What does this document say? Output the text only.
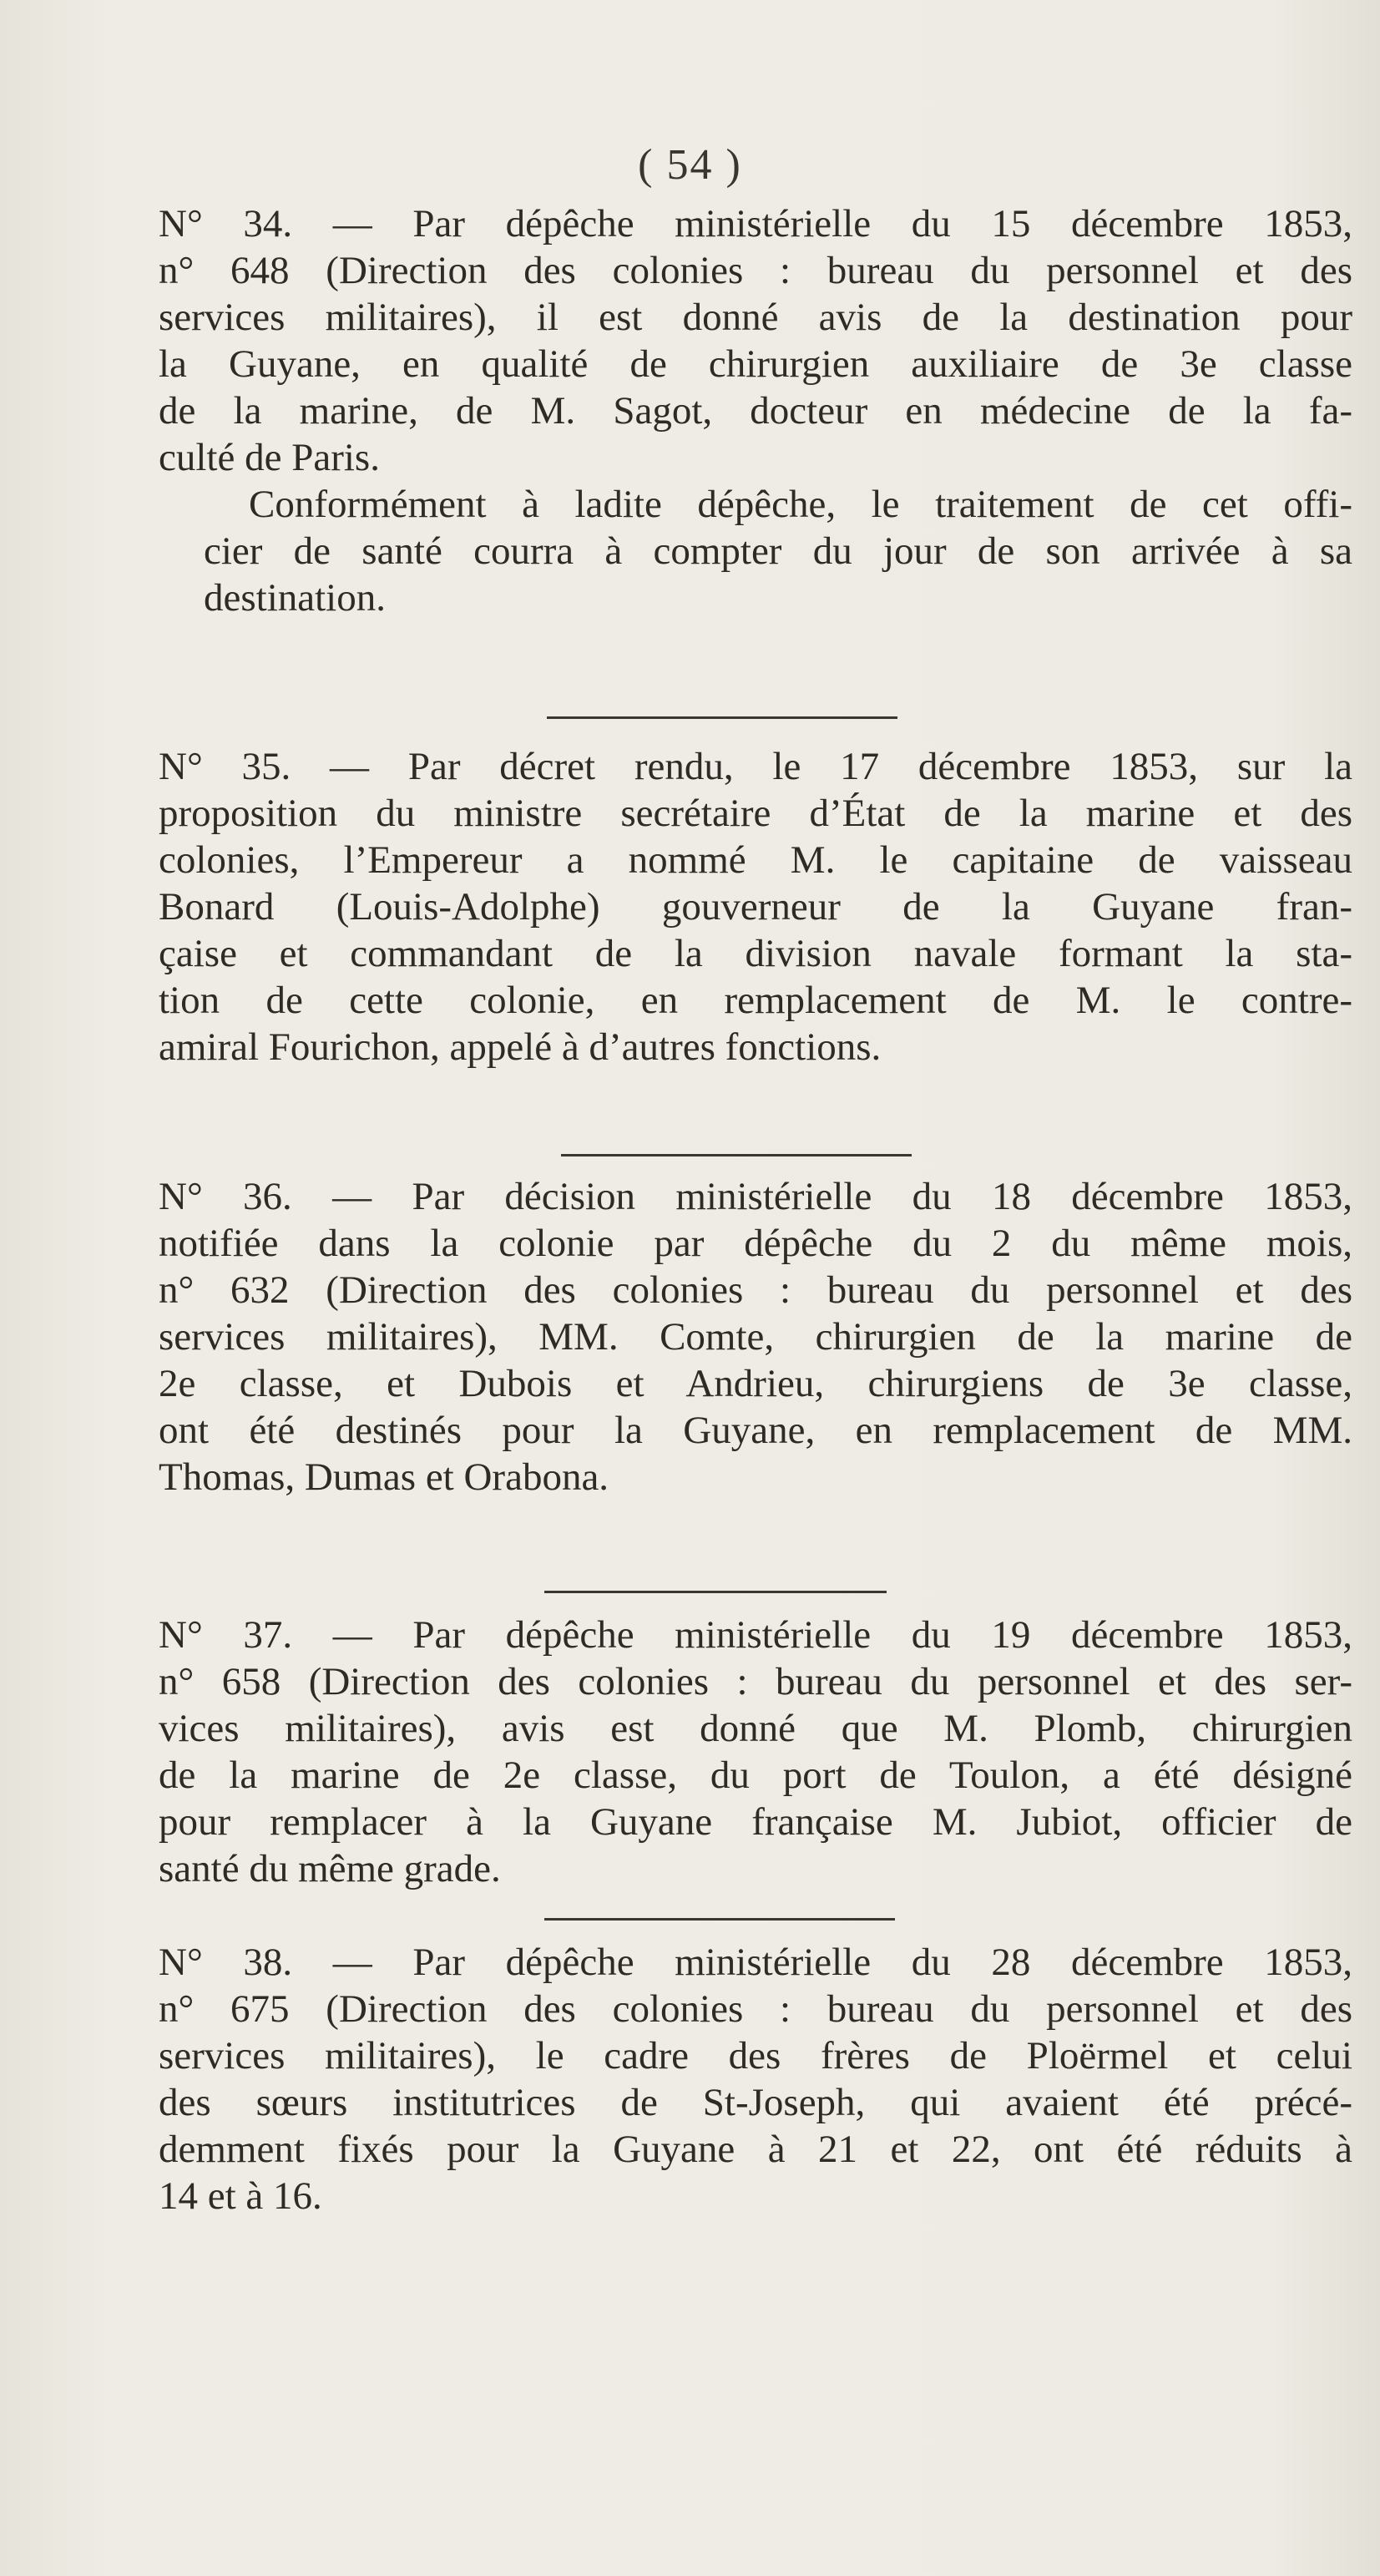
( 54 )

N° 34. — Par dépêche ministérielle du 15 décembre 1853,
n° 648 (Direction des colonies : bureau du personnel et des
services militaires), il est donné avis de la destination pour
la Guyane, en qualité de chirurgien auxiliaire de 3e classe
de la marine, de M. Sagot, docteur en médecine de la fa-
culté de Paris.

Conformément à ladite dépêche, le traitement de cet offi-
cier de santé courra à compter du jour de son arrivée à sa
destination.

N° 35. — Par décret rendu, le 17 décembre 1853, sur la
proposition du ministre secrétaire d’État de la marine et des
colonies, l’Empereur a nommé M. le capitaine de vaisseau
Bonard (Louis-Adolphe) gouverneur de la Guyane fran-
çaise et commandant de la division navale formant la sta-
tion de cette colonie, en remplacement de M. le contre-
amiral Fourichon, appelé à d’autres fonctions.

N° 36. — Par décision ministérielle du 18 décembre 1853,
notifiée dans la colonie par dépêche du 2 du même mois,
n° 632 (Direction des colonies : bureau du personnel et des
services militaires), MM. Comte, chirurgien de la marine de
2e classe, et Dubois et Andrieu, chirurgiens de 3e classe,
ont été destinés pour la Guyane, en remplacement de MM.
Thomas, Dumas et Orabona.

N° 37. — Par dépêche ministérielle du 19 décembre 1853,
n° 658 (Direction des colonies : bureau du personnel et des ser-
vices militaires), avis est donné que M. Plomb, chirurgien
de la marine de 2e classe, du port de Toulon, a été désigné
pour remplacer à la Guyane française M. Jubiot, officier de
santé du même grade.

N° 38. — Par dépêche ministérielle du 28 décembre 1853,
n° 675 (Direction des colonies : bureau du personnel et des
services militaires), le cadre des frères de Ploërmel et celui
des sœurs institutrices de St-Joseph, qui avaient été précé-
demment fixés pour la Guyane à 21 et 22, ont été réduits à
14 et à 16.
